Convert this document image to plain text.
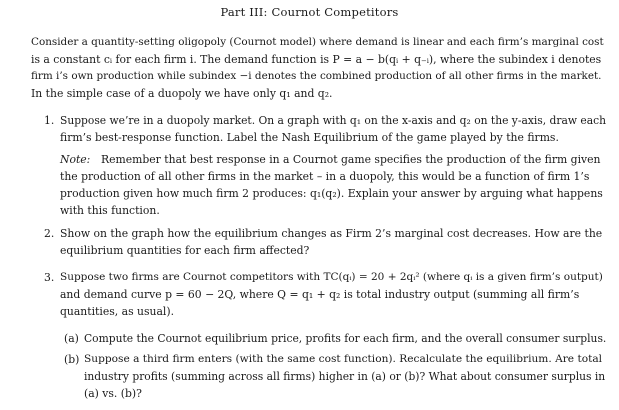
Part III: Cournot Competitors
Consider a quantity-setting oligopoly (Cournot model) where demand is linear and each firm’s marginal cost
is a constant cᵢ for each firm i. The demand function is P = a − b(qᵢ + q₋ᵢ), where the subindex i denotes
firm i’s own production while subindex −i denotes the combined production of all other firms in the market.
In the simple case of a duopoly we have only q₁ and q₂.
1. Suppose we’re in a duopoly market. On a graph with q₁ on the x-axis and q₂ on the y-axis, draw each
firm’s best-response function. Label the Nash Equilibrium of the game played by the firms.
Note: Remember that best response in a Cournot game specifies the production of the firm given
the production of all other firms in the market – in a duopoly, this would be a function of firm 1’s
production given how much firm 2 produces: q₁(q₂). Explain your answer by arguing what happens
with this function.
2. Show on the graph how the equilibrium changes as Firm 2’s marginal cost decreases. How are the
equilibrium quantities for each firm affected?
3. Suppose two firms are Cournot competitors with TC(qᵢ) = 20 + 2qᵢ² (where qᵢ is a given firm’s output)
and demand curve p = 60 − 2Q, where Q = q₁ + q₂ is total industry output (summing all firm’s
quantities, as usual).
(a) Compute the Cournot equilibrium price, profits for each firm, and the overall consumer surplus.
(b) Suppose a third firm enters (with the same cost function). Recalculate the equilibrium. Are total
industry profits (summing across all firms) higher in (a) or (b)? What about consumer surplus in
(a) vs. (b)?
